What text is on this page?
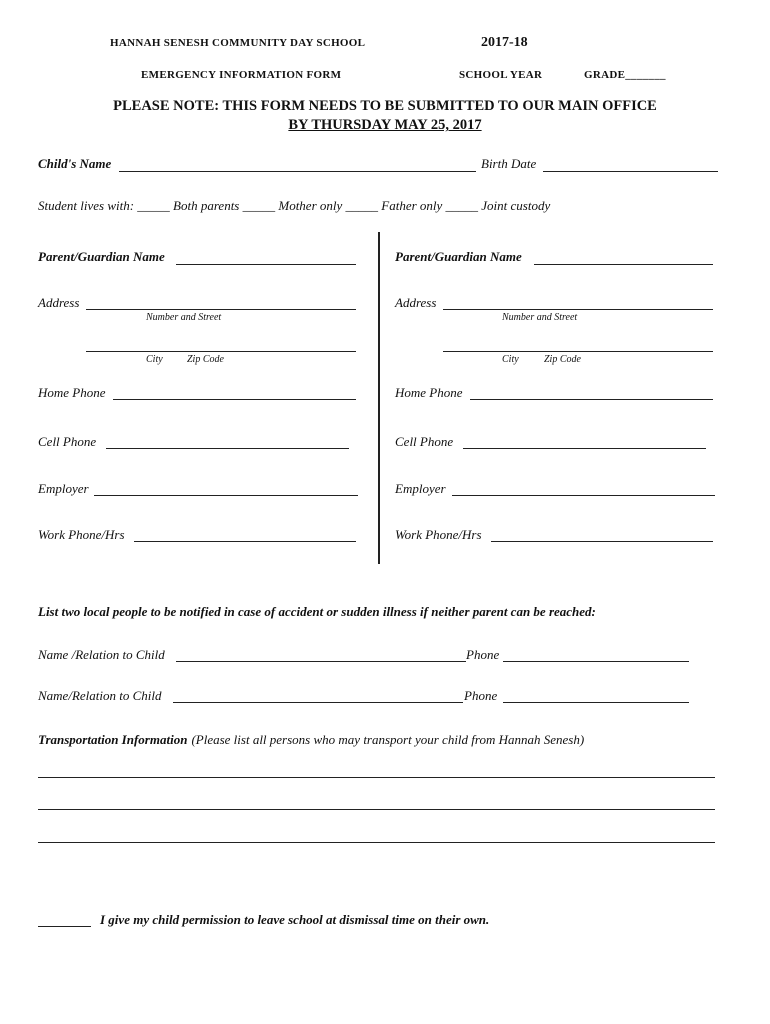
HANNAH SENESH COMMUNITY DAY SCHOOL	2017-18
EMERGENCY INFORMATION FORM	SCHOOL YEAR	GRADE_______
PLEASE NOTE: THIS FORM NEEDS TO BE SUBMITTED TO OUR MAIN OFFICE
BY THURSDAY MAY 25, 2017
Child's Name	Birth Date
Student lives with: _____ Both parents _____ Mother only _____ Father only _____ Joint custody
Parent/Guardian Name
Address
Number and Street
City Zip Code
Home Phone
Cell Phone
Employer
Work Phone/Hrs
Parent/Guardian Name
Address
Number and Street
City	Zip Code
Home Phone
Cell Phone
Employer
Work Phone/Hrs
List two local people to be notified in case of accident or sudden illness if neither parent can be reached:
Name /Relation to Child	Phone
Name/Relation to Child	Phone
Transportation Information (Please list all persons who may transport your child from Hannah Senesh)
I give my child permission to leave school at dismissal time on their own.
